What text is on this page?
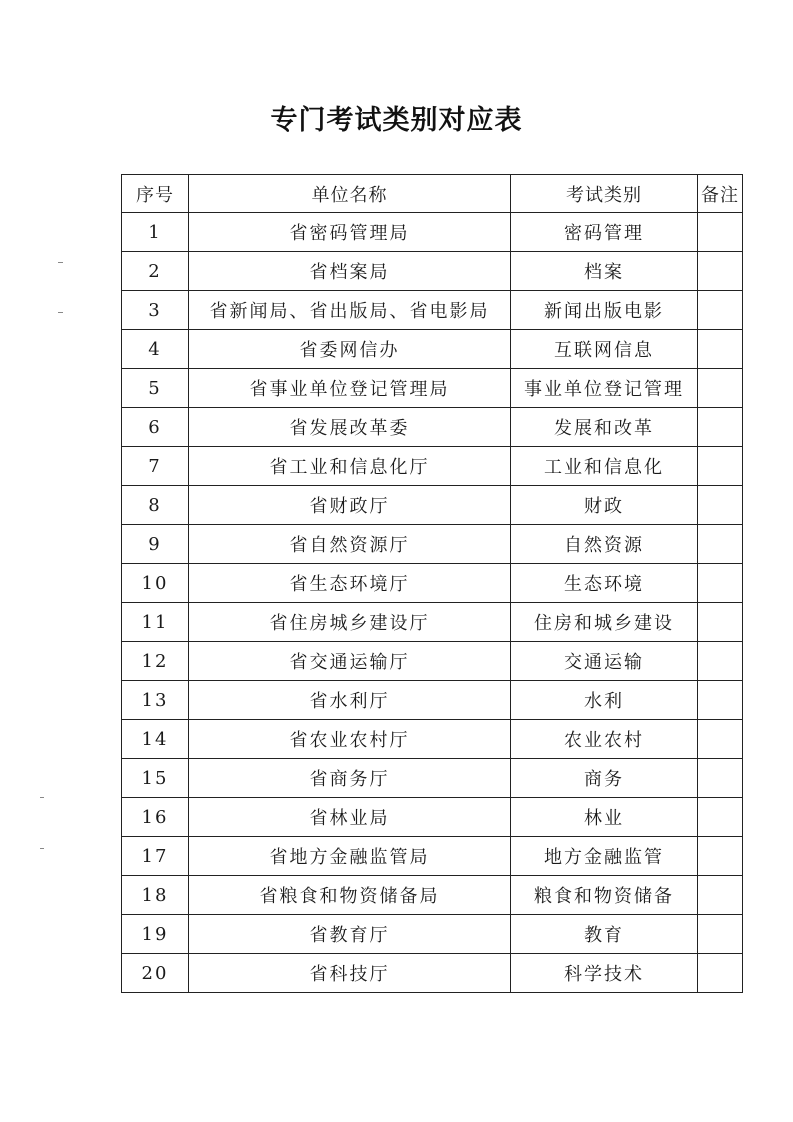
专门考试类别对应表
序号	单位名称	考试类别	备注
1	省密码管理局	密码管理	
2	省档案局	档案	
3	省新闻局、省出版局、省电影局	新闻出版电影	
4	省委网信办	互联网信息	
5	省事业单位登记管理局	事业单位登记管理	
6	省发展改革委	发展和改革	
7	省工业和信息化厅	工业和信息化	
8	省财政厅	财政	
9	省自然资源厅	自然资源	
10	省生态环境厅	生态环境	
11	省住房城乡建设厅	住房和城乡建设	
12	省交通运输厅	交通运输	
13	省水利厅	水利	
14	省农业农村厅	农业农村	
15	省商务厅	商务	
16	省林业局	林业	
17	省地方金融监管局	地方金融监管	
18	省粮食和物资储备局	粮食和物资储备	
19	省教育厅	教育	
20	省科技厅	科学技术	
